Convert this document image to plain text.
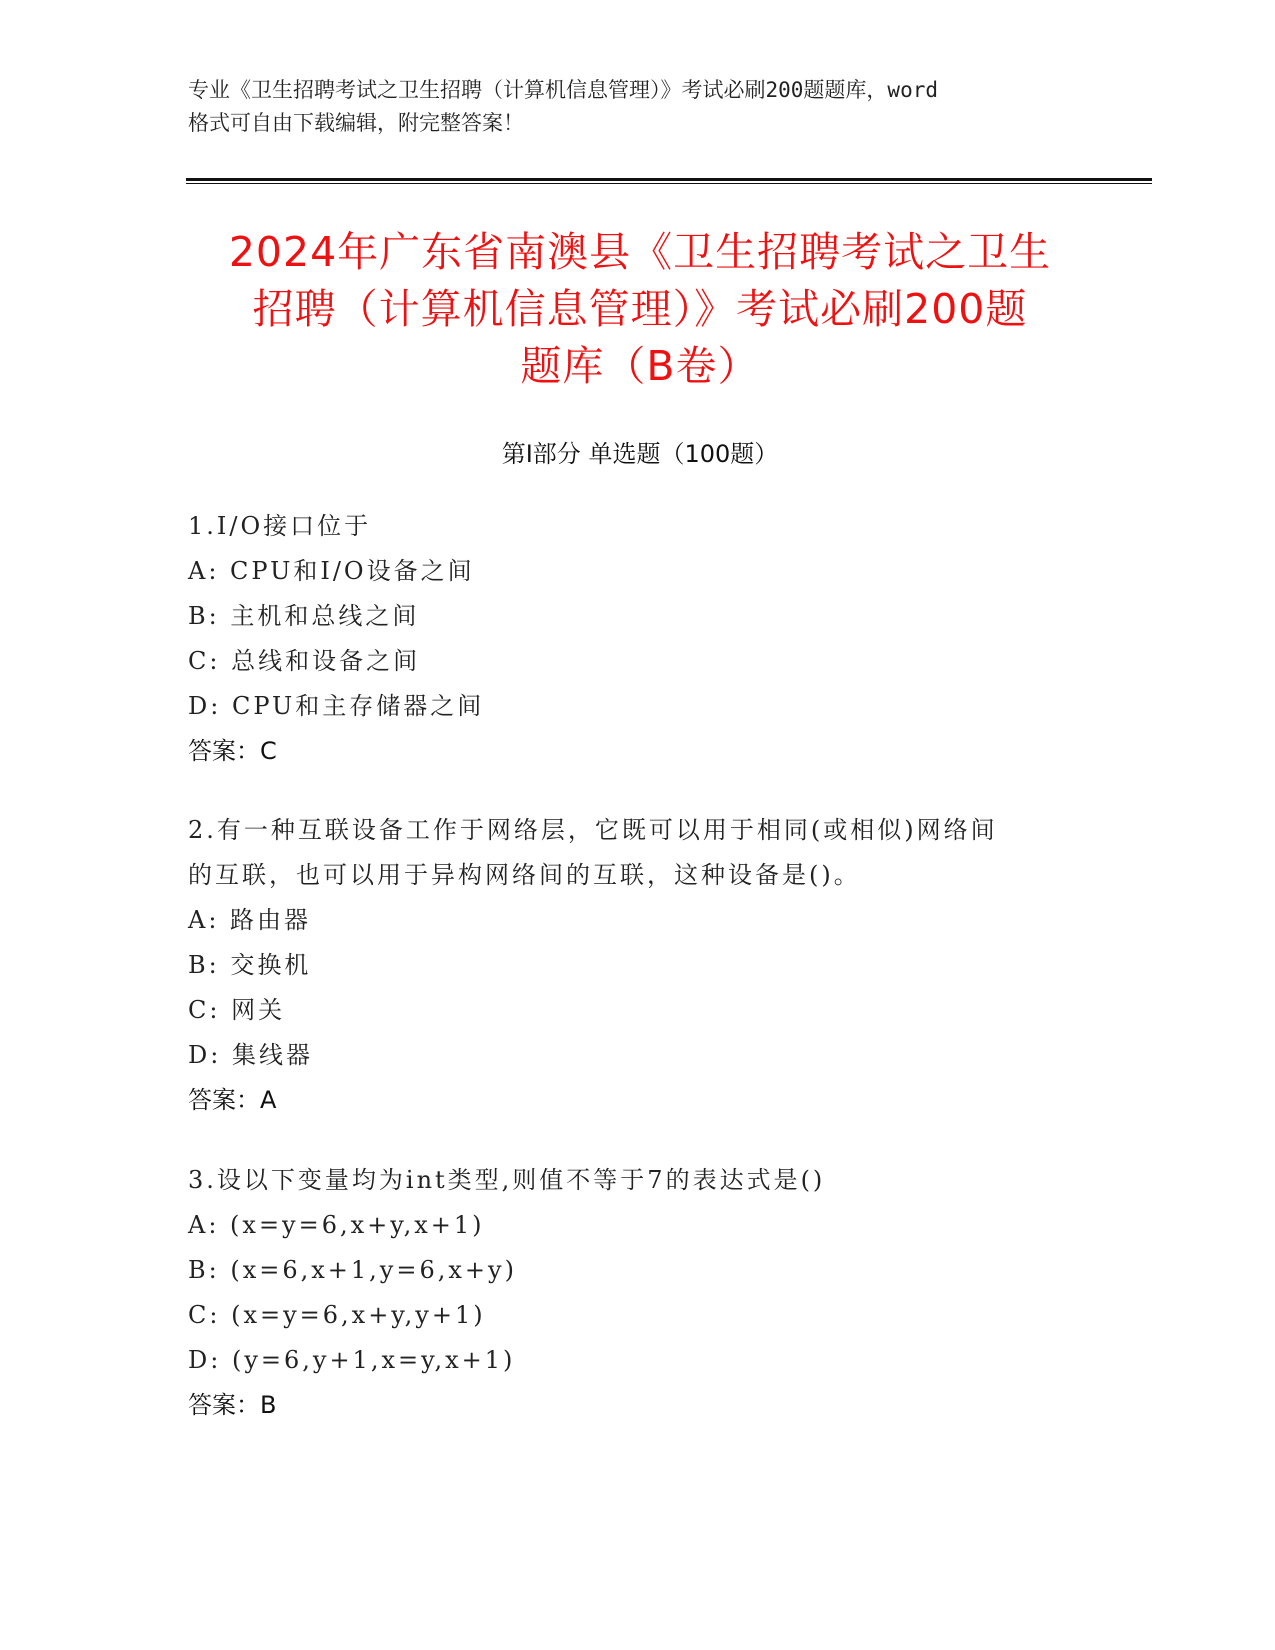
专业《卫生招聘考试之卫生招聘（计算机信息管理）》考试必刷200题题库，word
格式可自由下载编辑，附完整答案！
2024年广东省南澳县《卫生招聘考试之卫生
招聘（计算机信息管理）》考试必刷200题
题库（B卷）
第Ⅰ部分 单选题（100题）
1.I/O接口位于
A: CPU和I/O设备之间
B: 主机和总线之间
C: 总线和设备之间
D: CPU和主存储器之间
答案：C
2.有一种互联设备工作于网络层，它既可以用于相同(或相似)网络间
的互联，也可以用于异构网络间的互联，这种设备是()。
A: 路由器
B: 交换机
C: 网关
D: 集线器
答案：A
3.设以下变量均为int类型,则值不等于7的表达式是()
A: (x=y=6,x+y,x+1)
B: (x=6,x+1,y=6,x+y)
C: (x=y=6,x+y,y+1)
D: (y=6,y+1,x=y,x+1)
答案：B
